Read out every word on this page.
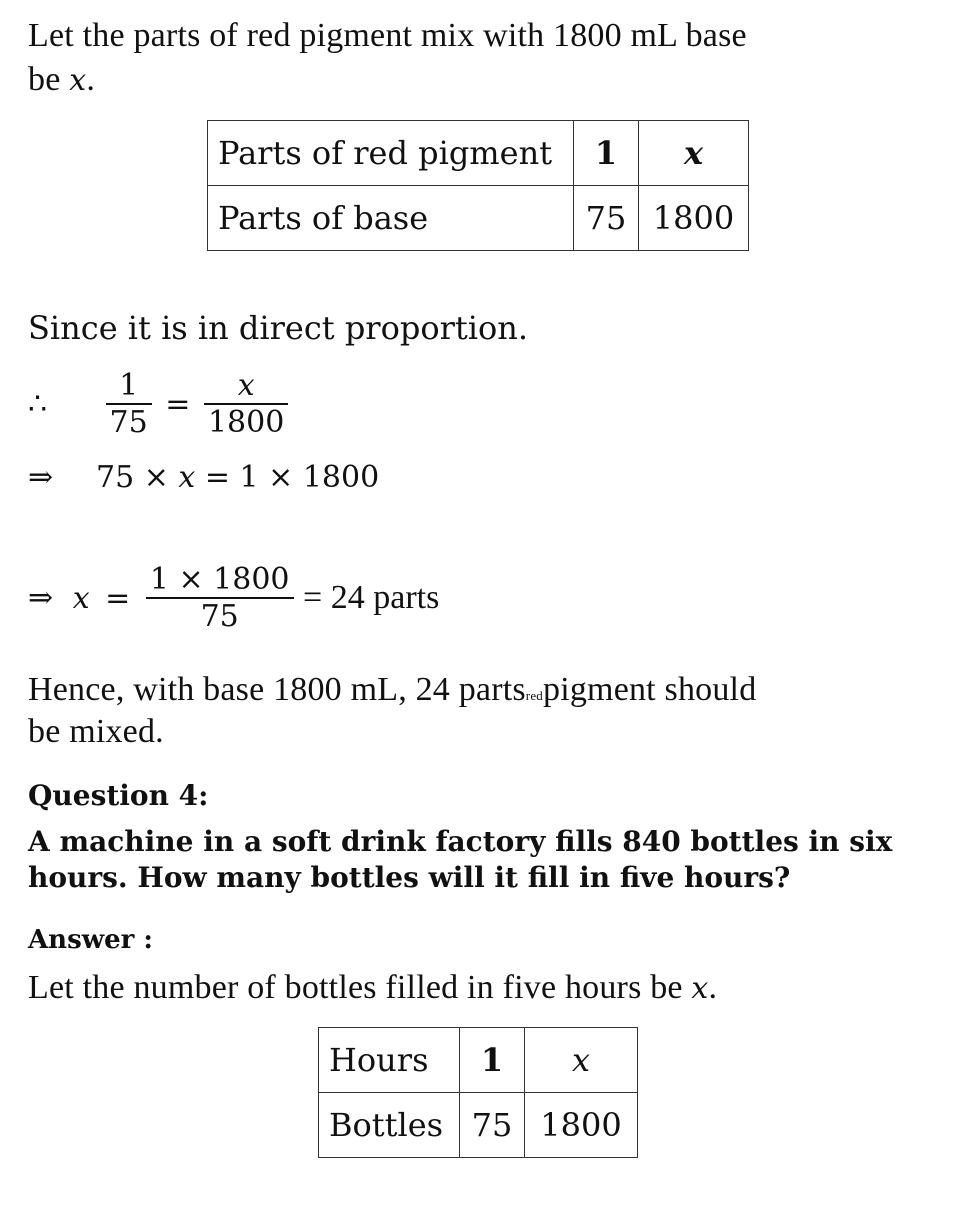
Let the parts of red pigment mix with 1800 mL base
be x.
Parts of red pigment	1	x
Parts of base	75	1800
Since it is in direct proportion.
∴ $\frac{1}{75} = \frac{x}{1800}$
⇒ 75 × x = 1 × 1800
⇒ $x = \frac{1 \times 1800}{75} = 24$ parts
Hence, with base 1800 mL, 24 partsredpigment should
be mixed.
Question 4:
A machine in a soft drink factory fills 840 bottles in six
hours. How many bottles will it fill in five hours?
Answer :
Let the number of bottles filled in five hours be x.
Hours	1	x
Bottles	75	1800
